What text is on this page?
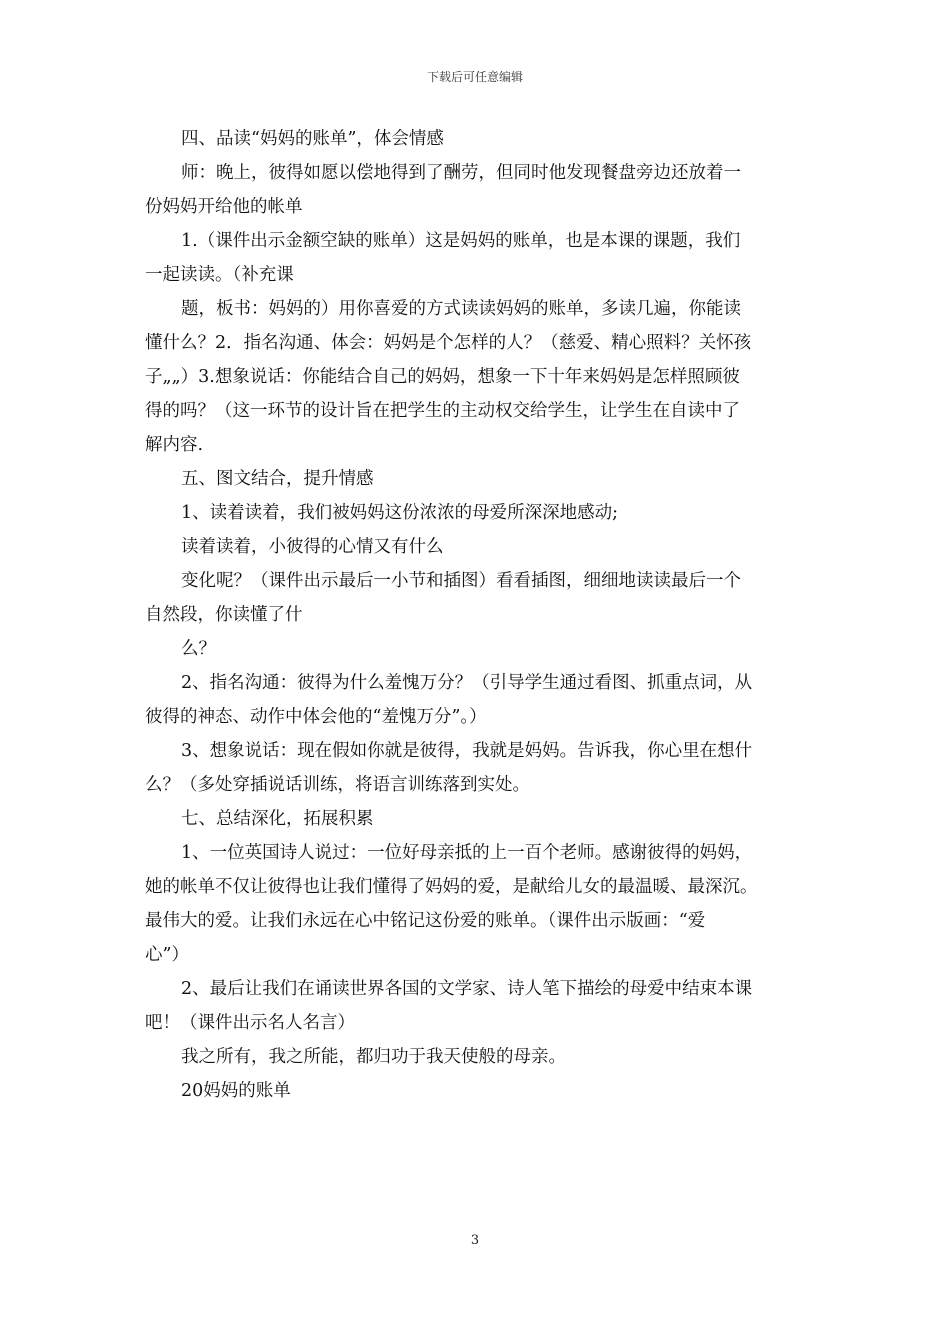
下载后可任意编辑
四、品读“妈妈的账单”，体会情感
师：晚上，彼得如愿以偿地得到了酬劳，但同时他发现餐盘旁边还放着一
份妈妈开给他的帐单
1.（课件出示金额空缺的账单）这是妈妈的账单，也是本课的课题，我们
一起读读。（补充课
题，板书：妈妈的）用你喜爱的方式读读妈妈的账单，多读几遍，你能读
懂什么？2．指名沟通、体会：妈妈是个怎样的人？（慈爱、精心照料？关怀孩
子„„）3.想象说话：你能结合自己的妈妈，想象一下十年来妈妈是怎样照顾彼
得的吗？（这一环节的设计旨在把学生的主动权交给学生，让学生在自读中了
解内容.
五、图文结合，提升情感
1、读着读着，我们被妈妈这份浓浓的母爱所深深地感动;
读着读着，小彼得的心情又有什么
变化呢？（课件出示最后一小节和插图）看看插图，细细地读读最后一个
自然段，你读懂了什
么？
2、指名沟通：彼得为什么羞愧万分？（引导学生通过看图、抓重点词，从
彼得的神态、动作中体会他的“羞愧万分”。）
3、想象说话：现在假如你就是彼得，我就是妈妈。告诉我，你心里在想什
么？（多处穿插说话训练，将语言训练落到实处。
七、总结深化，拓展积累
1、一位英国诗人说过：一位好母亲抵的上一百个老师。感谢彼得的妈妈，
她的帐单不仅让彼得也让我们懂得了妈妈的爱，是献给儿女的最温暖、最深沉。
最伟大的爱。让我们永远在心中铭记这份爱的账单。（课件出示版画：“爱
心”）
2、最后让我们在诵读世界各国的文学家、诗人笔下描绘的母爱中结束本课
吧！（课件出示名人名言）
我之所有，我之所能，都归功于我天使般的母亲。
20妈妈的账单
3
